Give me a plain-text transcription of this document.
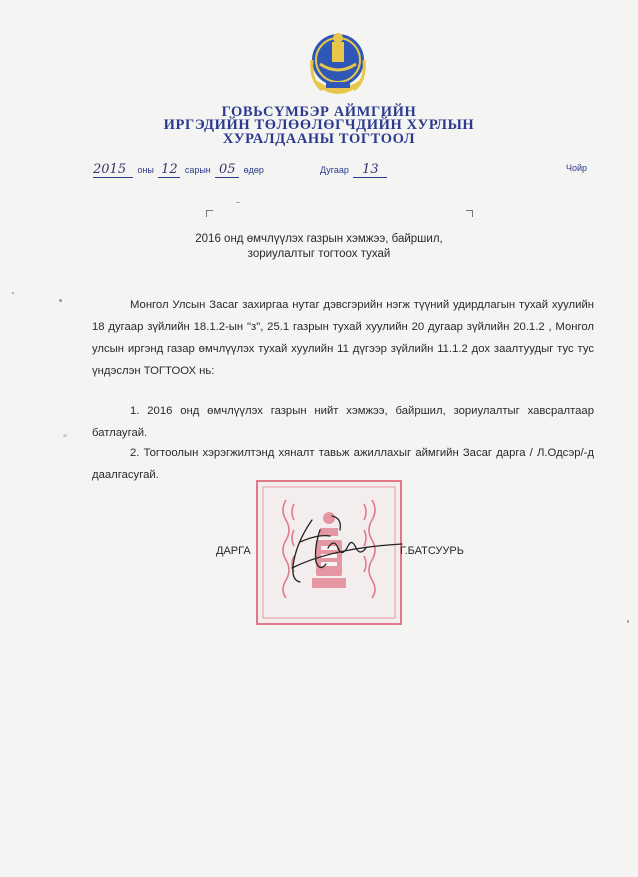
ГОВЬСҮМБЭР АЙМГИЙН
ИРГЭДИЙН ТӨЛӨӨЛӨГЧДИЙН ХУРЛЫН
ХУРАЛДААНЫ ТОГТООЛ
2015 оны 12 сарын 05 өдөр	Дугаар 13	Чойр
2016 онд өмчлүүлэх газрын хэмжээ, байршил,
зориулалтыг тогтоох тухай
Монгол Улсын Засаг захиргаа нутаг дэвсгэрийн нэгж түүний удирдлагын тухай хуулийн 18 дугаар зүйлийн 18.1.2-ын "з", 25.1 газрын тухай хуулийн 20 дугаар зүйлийн 20.1.2 , Монгол улсын иргэнд газар өмчлүүлэх тухай хуулийн 11 дүгээр зүйлийн 11.1.2 дох заалтуудыг тус тус үндэслэн ТОГТООХ нь:
1. 2016 онд өмчлүүлэх газрын нийт хэмжээ, байршил, зориулалтыг хавсралтаар батлаугай.
2. Тогтоолын хэрэгжилтэнд хяналт тавьж ажиллахыг аймгийн Засаг дарга / Л.Одсэр/-д даалгасугай.
ДАРГА	Г.БАТСУУРЬ
